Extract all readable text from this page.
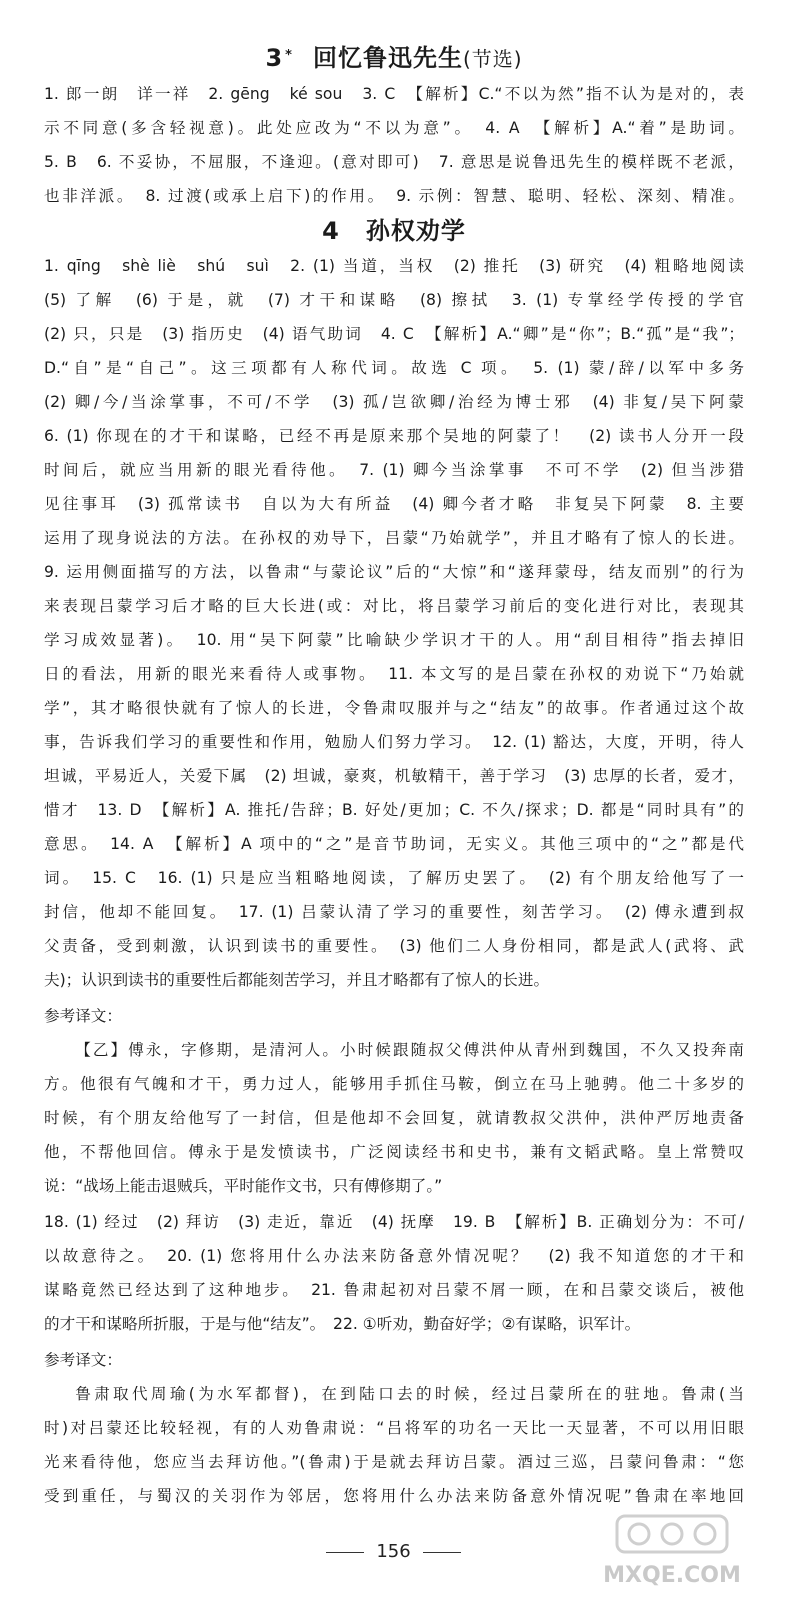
3 * 回忆鲁迅先生(节选)

1. 郎一朗　详一祥　2. gēng　ké sou　3. C　【解析】C.“不以为然”指不认为是对的，表

示不同意(多含轻视意)。此处应改为“不以为意”。　4. A　【解析】A.“着”是助词。

5. B　6. 不妥协，不屈服，不逢迎。(意对即可)　7. 意思是说鲁迅先生的模样既不老派，

也非洋派。　8. 过渡(或承上启下)的作用。　9. 示例：智慧、聪明、轻松、深刻、精准。

4 孙权劝学

1. qīng　shè liè　shú　suì　2. (1) 当道，当权　(2) 推托　(3) 研究　(4) 粗略地阅读

(5) 了解　(6) 于是，就　(7) 才干和谋略　(8) 擦拭　3. (1) 专掌经学传授的学官

(2) 只，只是　(3) 指历史　(4) 语气助词　4. C　【解析】A.“卿”是“你”；B.“孤”是“我”；

D.“自”是“自己”。这三项都有人称代词。故选 C 项。　5. (1) 蒙/辞/以军中多务

(2) 卿/今/当涂掌事，不可/不学　(3) 孤/岂欲卿/治经为博士邪　(4) 非复/吴下阿蒙

6. (1) 你现在的才干和谋略，已经不再是原来那个吴地的阿蒙了！　(2) 读书人分开一段

时间后，就应当用新的眼光看待他。　7. (1) 卿今当涂掌事　不可不学　(2) 但当涉猎

见往事耳　(3) 孤常读书　自以为大有所益　(4) 卿今者才略　非复吴下阿蒙　8. 主要

运用了现身说法的方法。在孙权的劝导下，吕蒙“乃始就学”，并且才略有了惊人的长进。

9. 运用侧面描写的方法，以鲁肃“与蒙论议”后的“大惊”和“遂拜蒙母，结友而别”的行为

来表现吕蒙学习后才略的巨大长进(或：对比，将吕蒙学习前后的变化进行对比，表现其

学习成效显著)。　10. 用“吴下阿蒙”比喻缺少学识才干的人。用“刮目相待”指去掉旧

日的看法，用新的眼光来看待人或事物。　11. 本文写的是吕蒙在孙权的劝说下“乃始就

学”，其才略很快就有了惊人的长进，令鲁肃叹服并与之“结友”的故事。作者通过这个故

事，告诉我们学习的重要性和作用，勉励人们努力学习。　12. (1) 豁达，大度，开明，待人

坦诚，平易近人，关爱下属　(2) 坦诚，豪爽，机敏精干，善于学习　(3) 忠厚的长者，爱才，

惜才　13. D　【解析】A. 推托/告辞；B. 好处/更加；C. 不久/探求；D. 都是“同时具有”的

意思。　14. A　【解析】A 项中的“之”是音节助词，无实义。其他三项中的“之”都是代

词。　15. C　16. (1) 只是应当粗略地阅读，了解历史罢了。　(2) 有个朋友给他写了一

封信，他却不能回复。　17. (1) 吕蒙认清了学习的重要性，刻苦学习。　(2) 傅永遭到叔

父责备，受到刺激，认识到读书的重要性。　(3) 他们二人身份相同，都是武人(武将、武

夫)；认识到读书的重要性后都能刻苦学习，并且才略都有了惊人的长进。

参考译文：

【乙】傅永，字修期，是清河人。小时候跟随叔父傅洪仲从青州到魏国，不久又投奔南

方。他很有气魄和才干，勇力过人，能够用手抓住马鞍，倒立在马上驰骋。他二十多岁的

时候，有个朋友给他写了一封信，但是他却不会回复，就请教叔父洪仲，洪仲严厉地责备

他，不帮他回信。傅永于是发愤读书，广泛阅读经书和史书，兼有文韬武略。皇上常赞叹

说：“战场上能击退贼兵，平时能作文书，只有傅修期了。”

18. (1) 经过　(2) 拜访　(3) 走近，靠近　(4) 抚摩　19. B　【解析】B. 正确划分为：不可/

以故意待之。　20. (1) 您将用什么办法来防备意外情况呢？　(2) 我不知道您的才干和

谋略竟然已经达到了这种地步。　21. 鲁肃起初对吕蒙不屑一顾，在和吕蒙交谈后，被他

的才干和谋略所折服，于是与他“结友”。　22. ①听劝，勤奋好学；②有谋略，识军计。

参考译文：

鲁肃取代周瑜(为水军都督)，在到陆口去的时候，经过吕蒙所在的驻地。鲁肃(当

时)对吕蒙还比较轻视，有的人劝鲁肃说：“吕将军的功名一天比一天显著，不可以用旧眼

光来看待他，您应当去拜访他。”(鲁肃)于是就去拜访吕蒙。酒过三巡，吕蒙问鲁肃：“您

受到重任，与蜀汉的关羽作为邻居，您将用什么办法来防备意外情况呢”鲁肃在率地回

156
MXQE.COM
